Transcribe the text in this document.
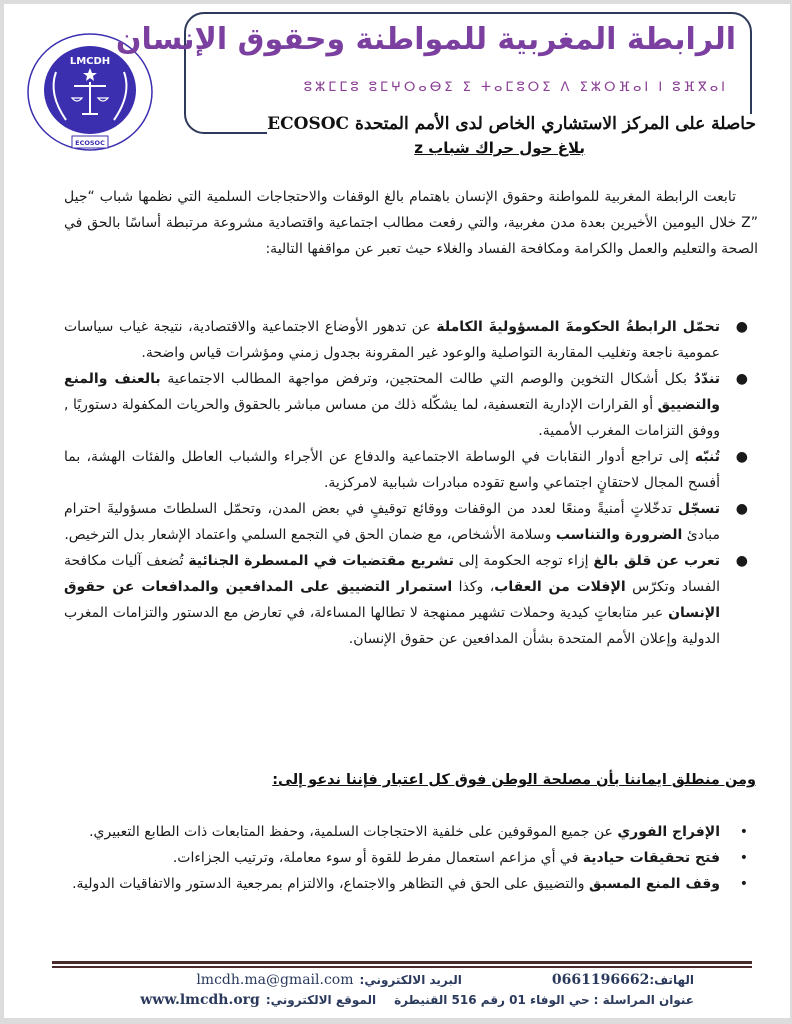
LMCDH
ECOSOC
الرابطة المغربية للمواطنة وحقوق الإنسان
ⵓⵣⵎⵎⵓ ⵓⵎⵖⵔⴰⴱⵉ ⵉ ⵜⴰⵎⵓⵔⵉ ⴷ ⵉⵣⵔⴼⴰⵏ ⵏ ⵓⴼⴳⴰⵏ
حاصلة على المركز الاستشاري الخاص لدى الأمم المتحدة ECOSOC
بلاغ حول حراك شباب z
تابعت الرابطة المغربية للمواطنة وحقوق الإنسان باهتمام بالغ الوقفات والاحتجاجات السلمية التي نظمها شباب “جيل ”Z خلال اليومين الأخيرين بعدة مدن مغربية، والتي رفعت مطالب اجتماعية واقتصادية مشروعة مرتبطة أساسًا بالحق في الصحة والتعليم والعمل والكرامة ومكافحة الفساد والغلاء حيث تعبر عن مواقفها التالية:
●
تحمّل الرابطةُ الحكومةَ المسؤوليةَ الكاملة عن تدهور الأوضاع الاجتماعية والاقتصادية، نتيجة غياب سياسات عمومية ناجعة وتغليب المقاربة التواصلية والوعود غير المقرونة بجدول زمني ومؤشرات قياس واضحة.
●
تندّدُ بكل أشكال التخوين والوصم التي طالت المحتجين، وترفض مواجهة المطالب الاجتماعية بالعنف والمنع والتضييق أو القرارات الإدارية التعسفية، لما يشكّله ذلك من مساس مباشر بالحقوق والحريات المكفولة دستوريًا , ووفق التزامات المغرب الأممية.
●
تُنبّه إلى تراجع أدوار النقابات في الوساطة الاجتماعية والدفاع عن الأجراء والشباب العاطل والفئات الهشة، بما أفسح المجال لاحتقانٍ اجتماعي واسع تقوده مبادرات شبابية لامركزية.
●
تسجّل تدخّلاتٍ أمنيةً ومنعًا لعدد من الوقفات ووقائع توقيفٍ في بعض المدن، وتحمّل السلطاتَ مسؤوليةَ احترام مبادئ الضرورة والتناسب وسلامة الأشخاص، مع ضمان الحق في التجمع السلمي واعتماد الإشعار بدل الترخيص.
●
تعرب عن قلق بالغ إزاء توجه الحكومة إلى تشريع مقتضيات في المسطرة الجنائية تُضعف آليات مكافحة الفساد وتكرّس الإفلات من العقاب، وكذا استمرار التضييق على المدافعين والمدافعات عن حقوق الإنسان عبر متابعاتٍ كيدية وحملات تشهير ممنهجة لا تطالها المساءلة، في تعارض مع الدستور والتزامات المغرب الدولية وإعلان الأمم المتحدة بشأن المدافعين عن حقوق الإنسان.
ومن منطلق ايماننا بأن مصلحة الوطن فوق كل اعتبار فإننا ندعو إلى:
•
الإفراج الفوري عن جميع الموقوفين على خلفية الاحتجاجات السلمية، وحفظ المتابعات ذات الطابع التعبيري.
•
فتح تحقيقات حيادية في أي مزاعم استعمال مفرط للقوة أو سوء معاملة، وترتيب الجزاءات.
•
وقف المنع المسبق والتضييق على الحق في التظاهر والاجتماع، والالتزام بمرجعية الدستور والاتفاقيات الدولية.
الهاتف:
0661196662
البريد الالكتروني:
lmcdh.ma@gmail.com
عنوان المراسلة :
حي الوفاء 01 رقم 516 القنيطرة
الموقع الالكتروني:
www.lmcdh.org
